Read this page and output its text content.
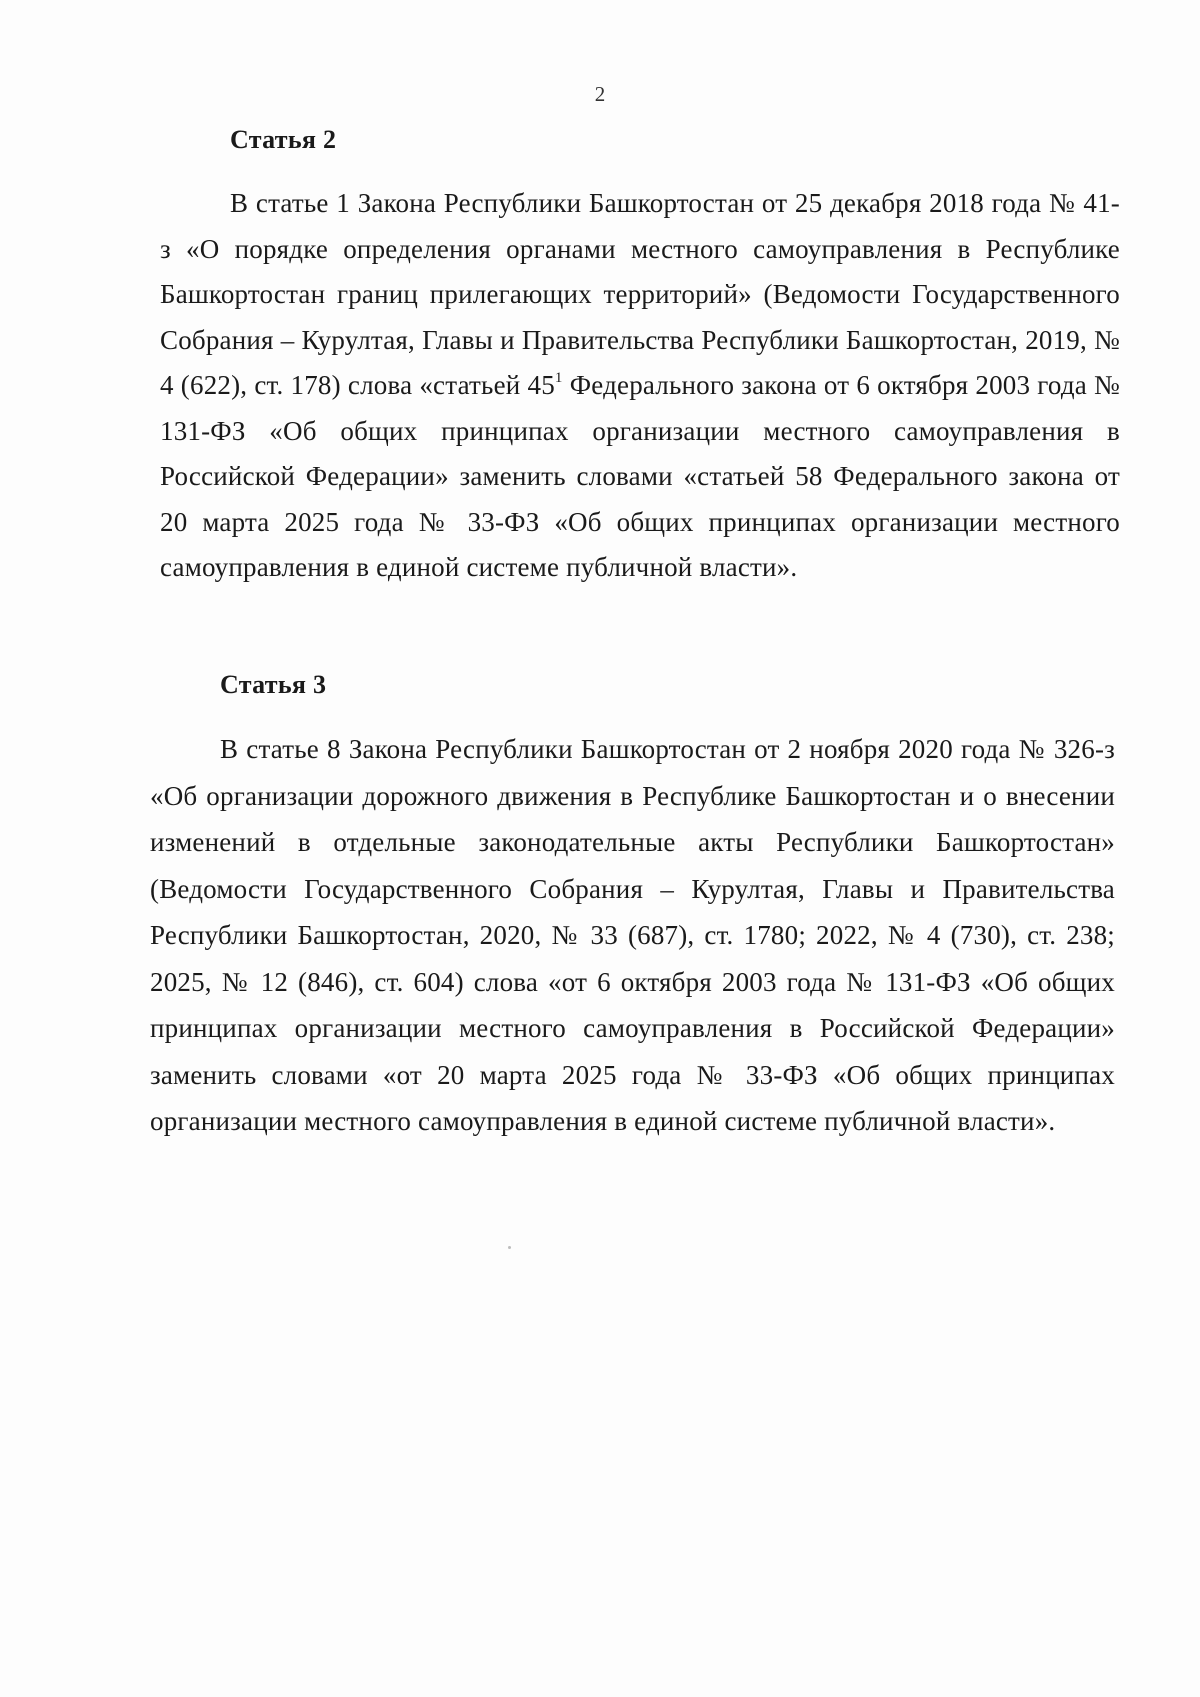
2
Статья 2

В статье 1 Закона Республики Башкортостан от 25 декабря 2018 года № 41-з «О порядке определения органами местного самоуправления в Республике Башкортостан границ прилегающих территорий» (Ведомости Государственного Собрания – Курултая, Главы и Правительства Республики Башкортостан, 2019, № 4 (622), ст. 178) слова «статьей $45^1$ Федерального закона от 6 октября 2003 года № 131-ФЗ «Об общих принципах организации местного самоуправления в Российской Федерации» заменить словами «статьей 58 Федерального закона от 20 марта 2025 года № 33-ФЗ «Об общих принципах организации местного самоуправления в единой системе публичной власти».

Статья 3

В статье 8 Закона Республики Башкортостан от 2 ноября 2020 года № 326-з «Об организации дорожного движения в Республике Башкортостан и о внесении изменений в отдельные законодательные акты Республики Башкортостан» (Ведомости Государственного Собрания – Курултая, Главы и Правительства Республики Башкортостан, 2020, № 33 (687), ст. 1780; 2022, № 4 (730), ст. 238; 2025, № 12 (846), ст. 604) слова «от 6 октября 2003 года № 131-ФЗ «Об общих принципах организации местного самоуправления в Российской Федерации» заменить словами «от 20 марта 2025 года № 33-ФЗ «Об общих принципах организации местного самоуправления в единой системе публичной власти».
